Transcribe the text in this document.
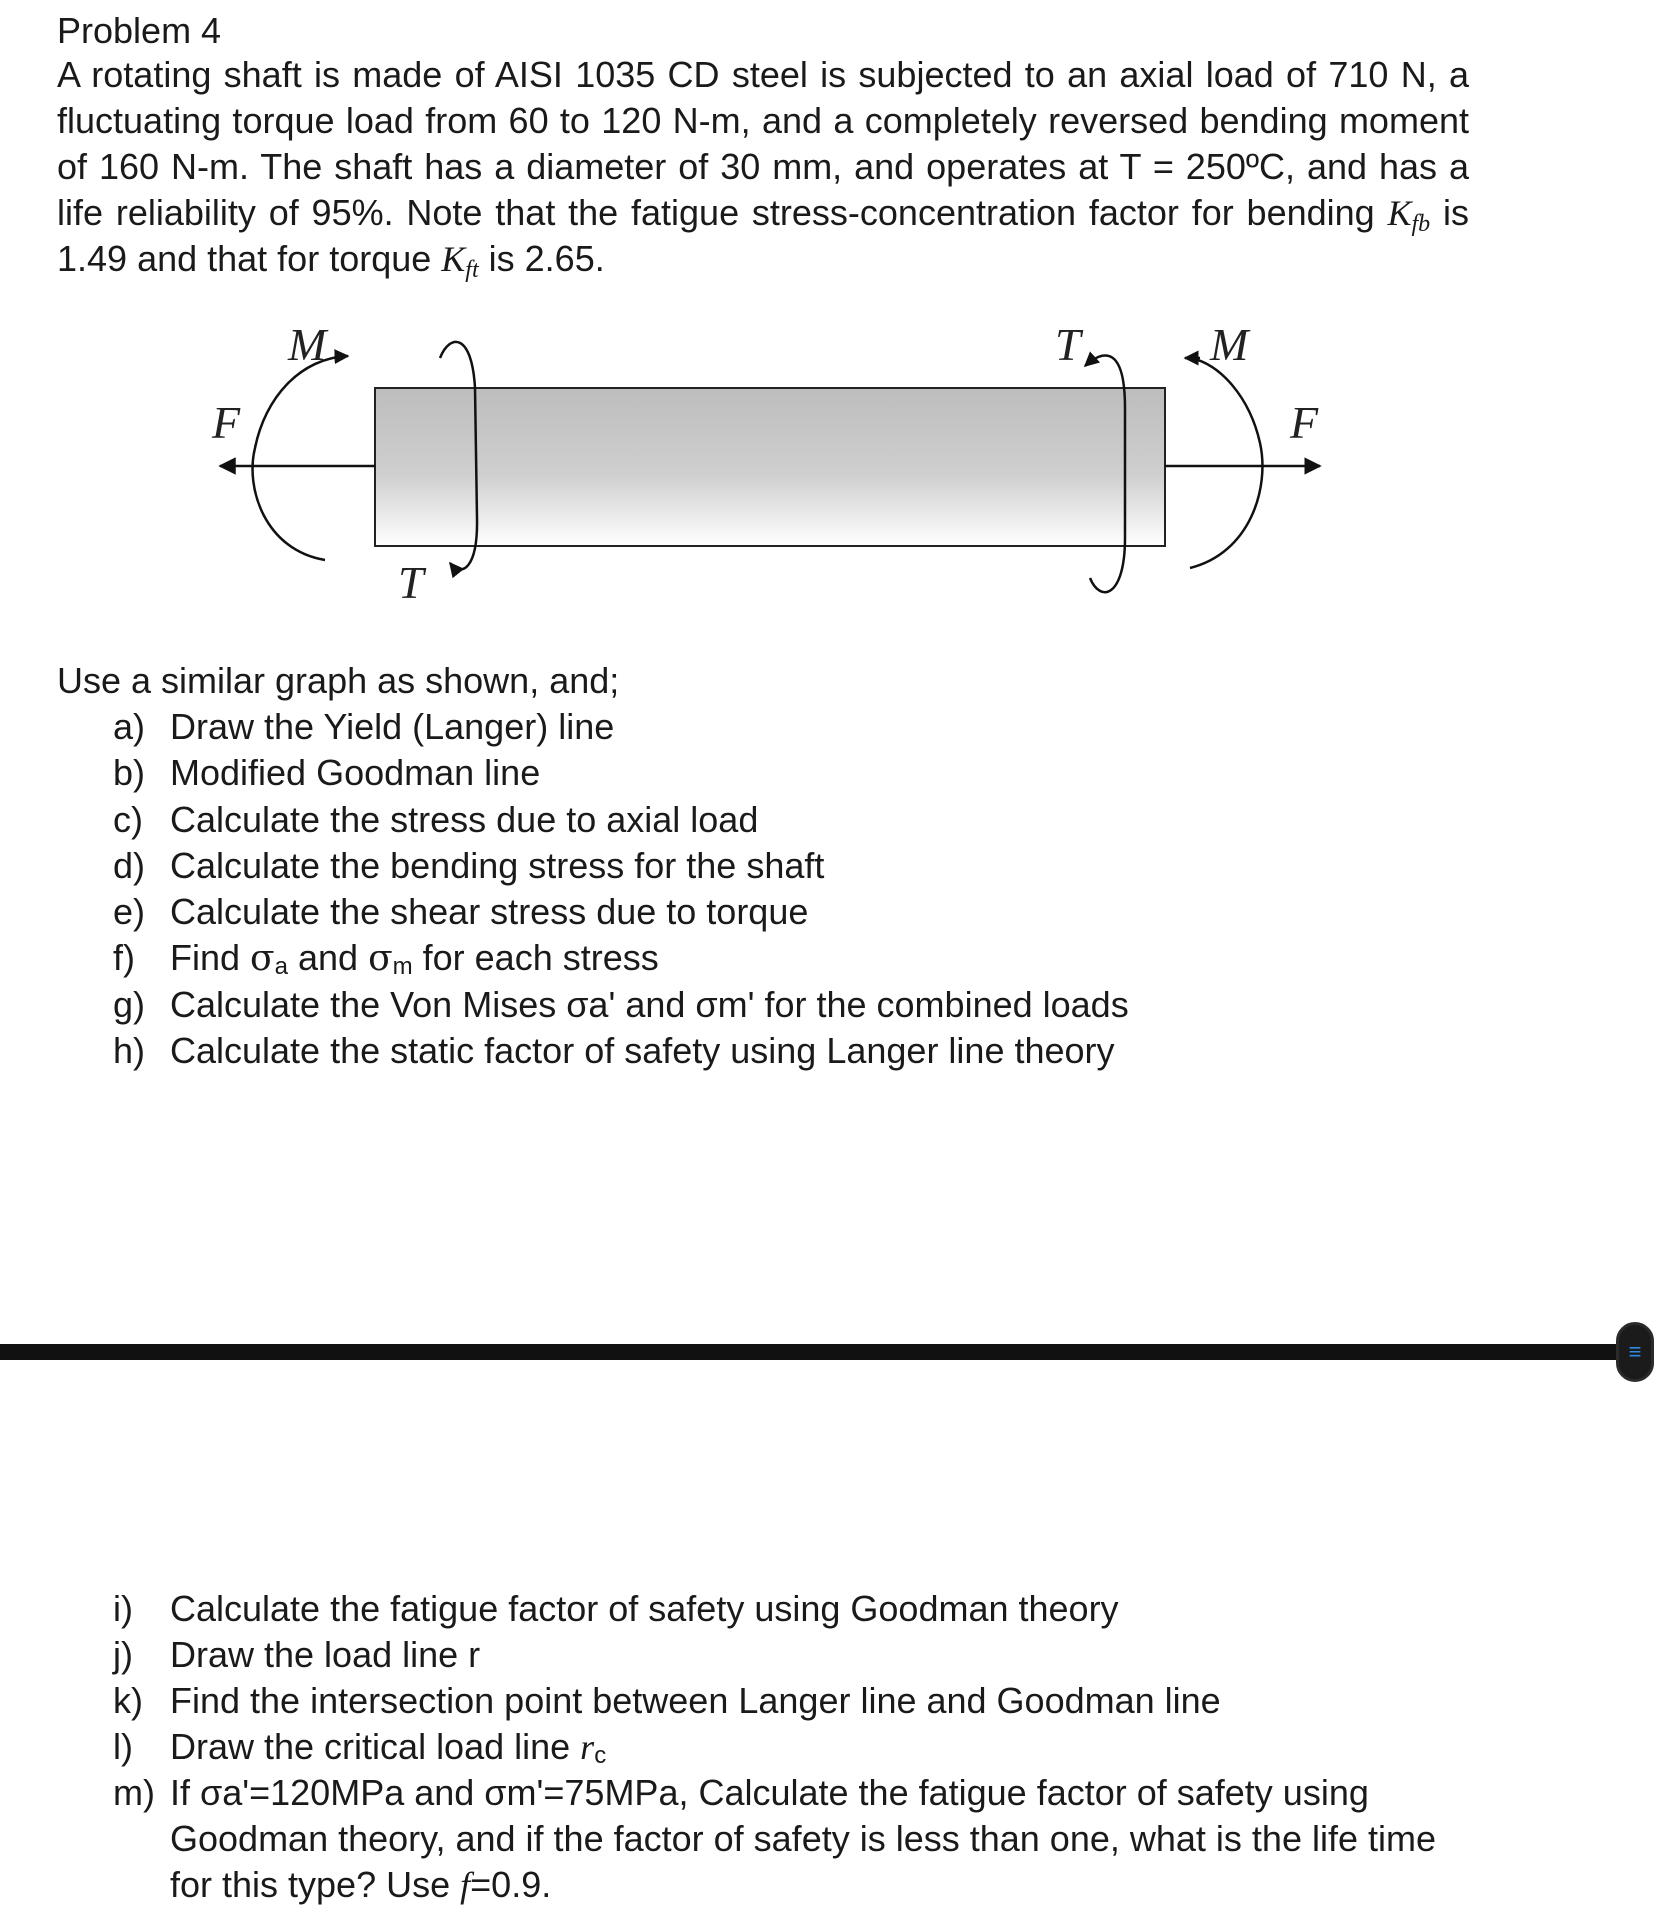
Problem 4
A rotating shaft is made of AISI 1035 CD steel is subjected to an axial load of 710 N, a fluctuating torque load from 60 to 120 N-m, and a completely reversed bending moment of 160 N-m. The shaft has a diameter of 30 mm, and operates at T = 250ºC, and has a life reliability of 95%. Note that the fatigue stress-concentration factor for bending $K_{fb}$ is 1.49 and that for torque $K_{ft}$ is 2.65.
M	M
T
T
F	F
Use a similar graph as shown, and;
a) Draw the Yield (Langer) line
b) Modified Goodman line
c) Calculate the stress due to axial load
d) Calculate the bending stress for the shaft
e) Calculate the shear stress due to torque
f) Find σa and σm for each stress
g) Calculate the Von Mises σa' and σm' for the combined loads
h) Calculate the static factor of safety using Langer line theory
≡
i) Calculate the fatigue factor of safety using Goodman theory
j) Draw the load line r
k) Find the intersection point between Langer line and Goodman line
l) Draw the critical load line rc
m) If σa'=120MPa and σm'=75MPa, Calculate the fatigue factor of safety using Goodman theory, and if the factor of safety is less than one, what is the life time for this type? Use f=0.9.
